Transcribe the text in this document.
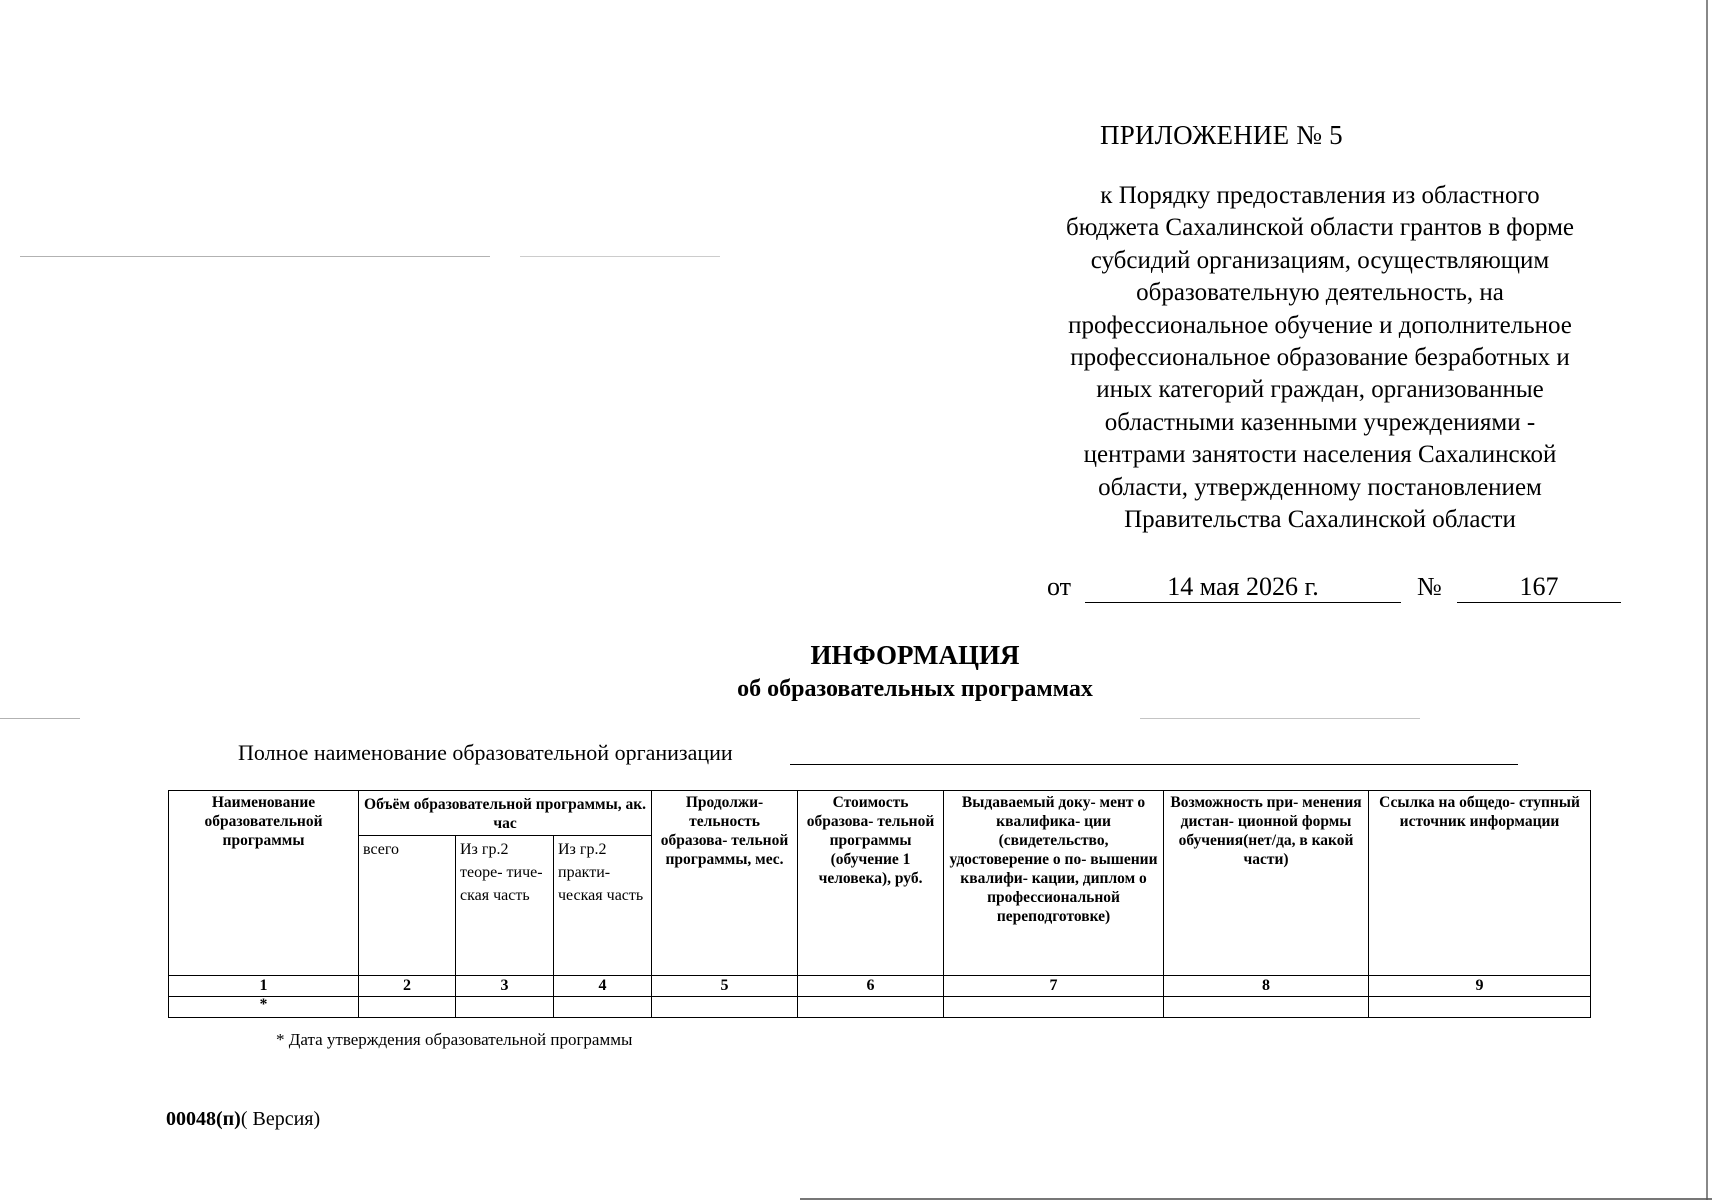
ПРИЛОЖЕНИЕ № 5
к Порядку предоставления из областного
бюджета Сахалинской области грантов в форме
субсидий организациям, осуществляющим
образовательную деятельность, на
профессиональное обучение и дополнительное
профессиональное образование безработных и
иных категорий граждан, организованные
областными казенными учреждениями -
центрами занятости населения Сахалинской
области, утвержденному постановлением
Правительства Сахалинской области
от	14 мая 2026 г.	№	167
ИНФОРМАЦИЯ
об образовательных программах
Полное наименование образовательной организации
Наименование образовательной программы	Объём образовательной программы, ак. час			Продолжи- тельность образова- тельной программы, мес.	Стоимость образова- тельной программы (обучение 1 человека), руб.	Выдаваемый доку- мент о квалифика- ции (свидетельство, удостоверение о по- вышении квалифи- кации, диплом о профессиональной переподготовке)	Возможность при- менения дистан- ционной формы обучения(нет/да, в какой части)	Ссылка на общедо- ступный источник информации
	всего	Из гр.2 теоре- тиче- ская часть	Из гр.2 практи- ческая часть					
1	2	3	4	5	6	7	8	9
*								
* Дата утверждения образовательной программы
00048(п)( Версия)
